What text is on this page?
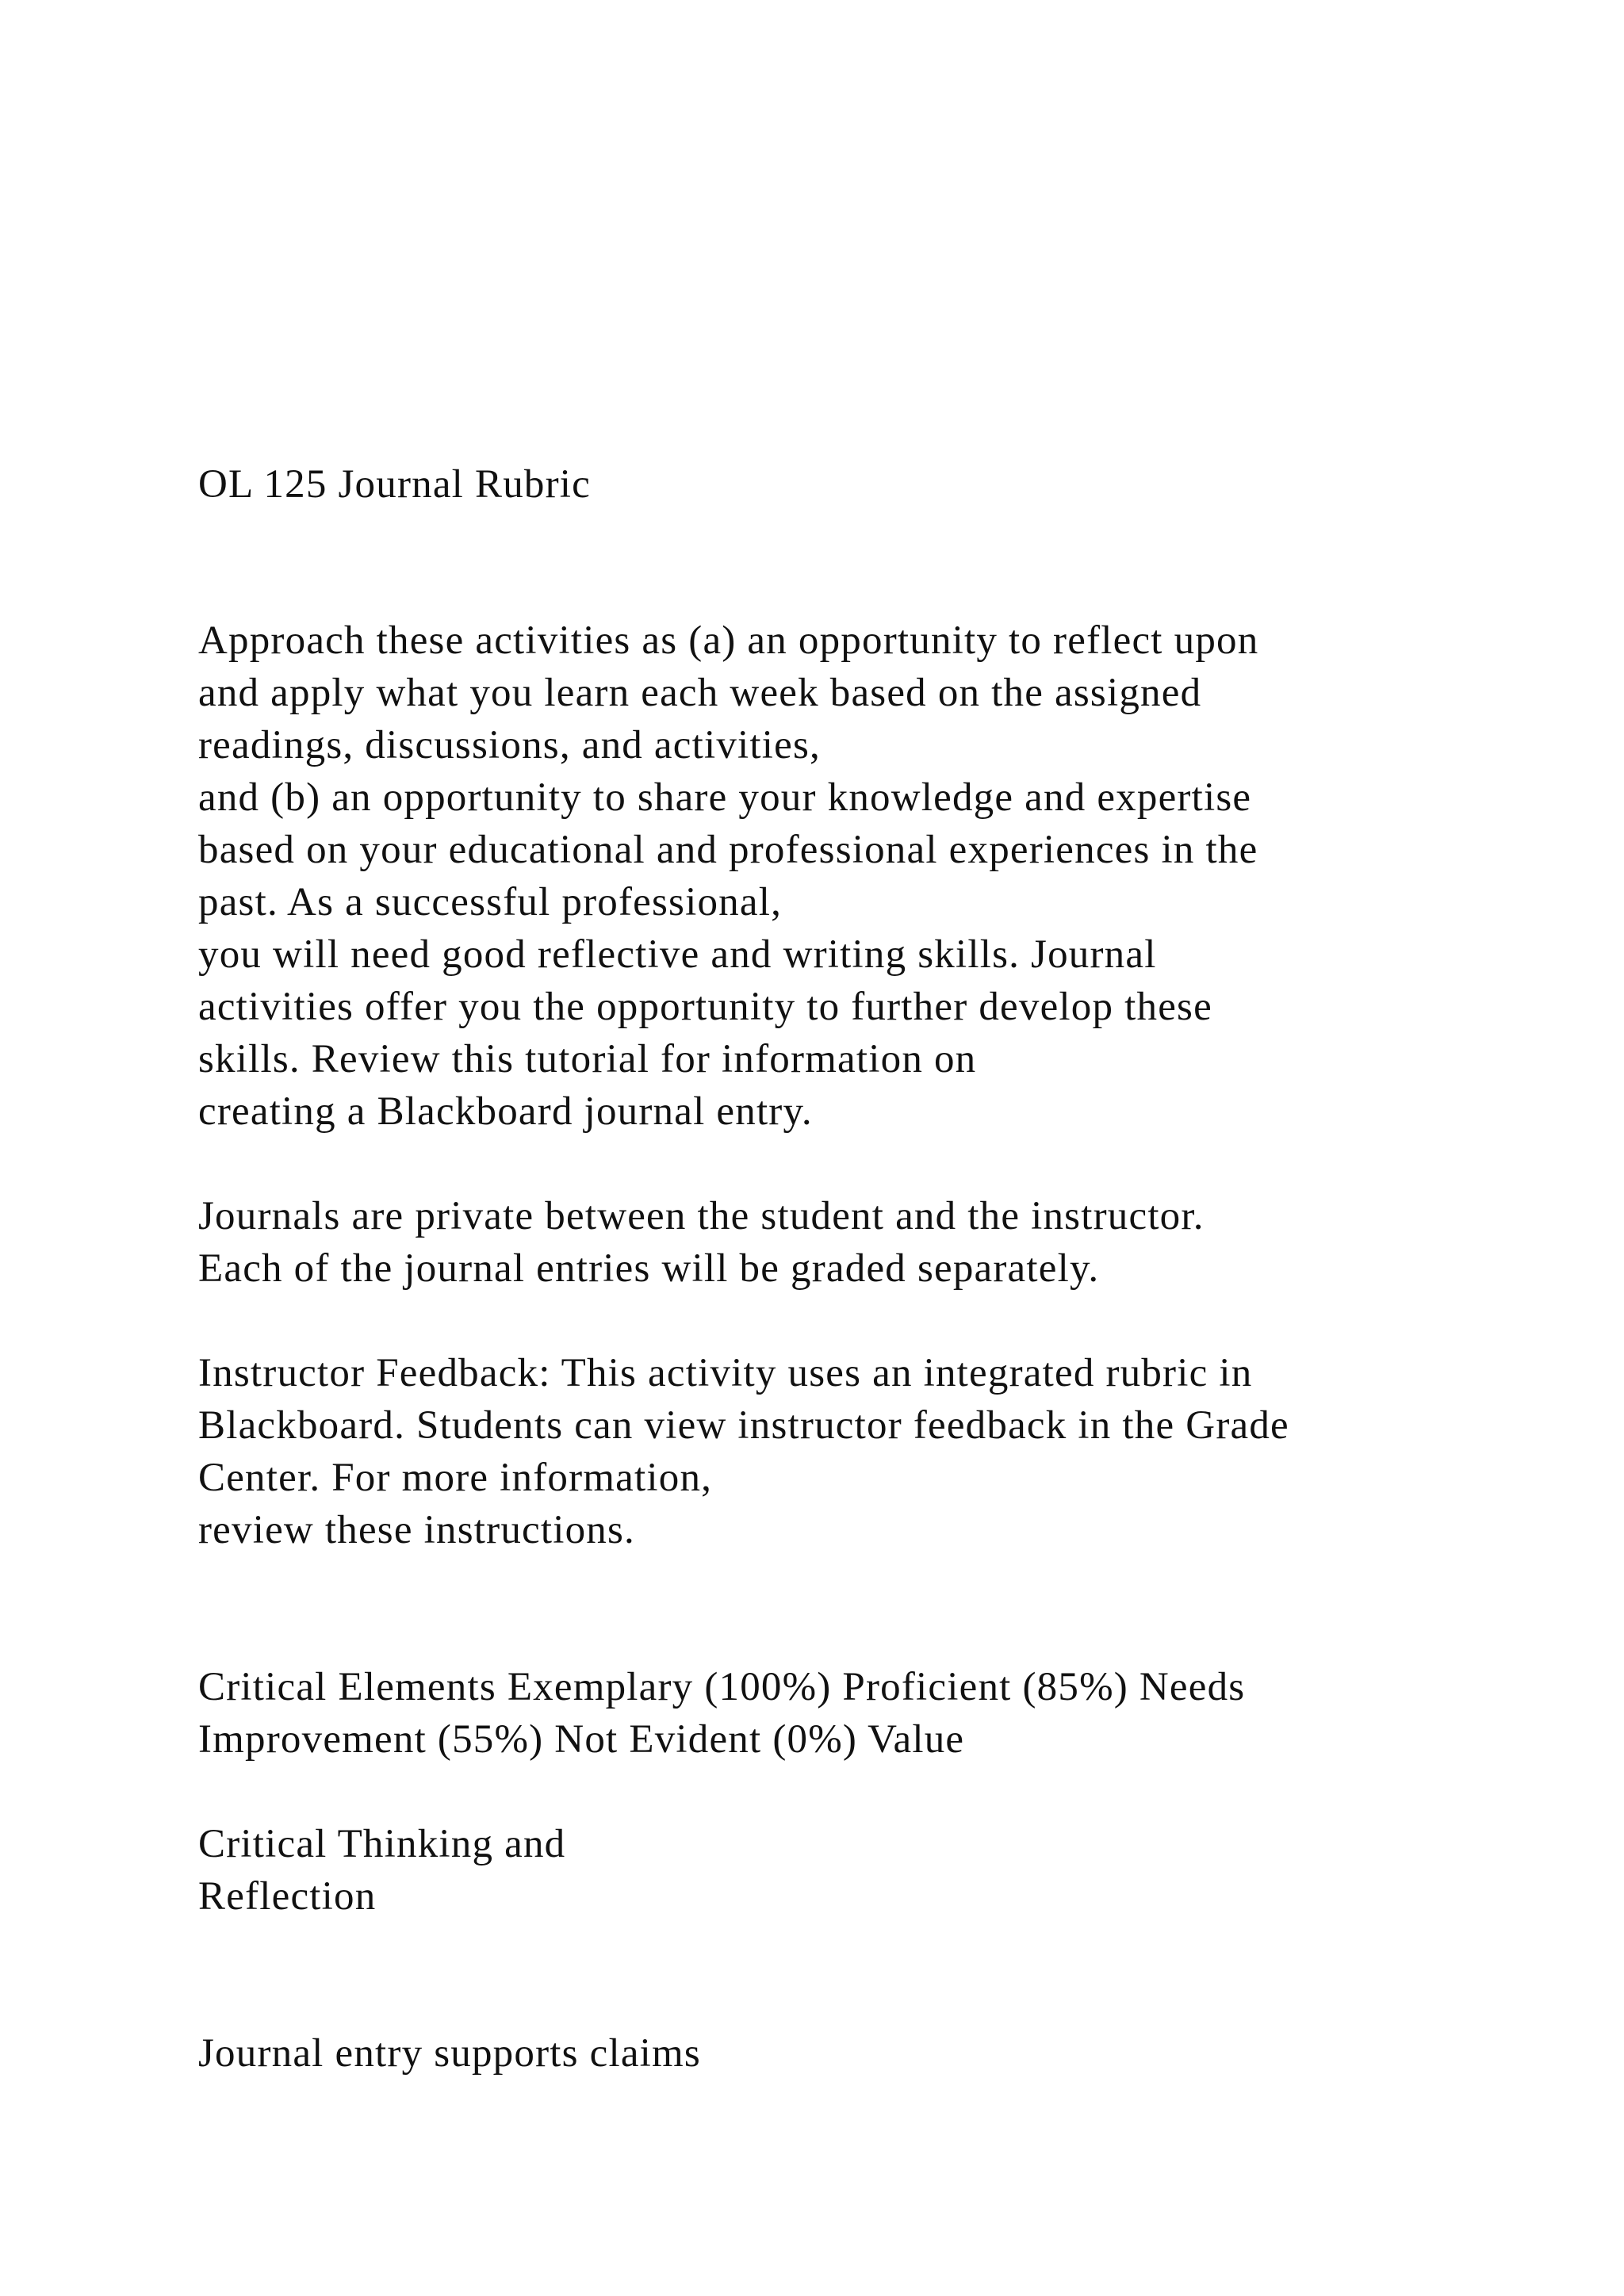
OL 125 Journal Rubric
Approach these activities as (a) an opportunity to reflect upon
and apply what you learn each week based on the assigned
readings, discussions, and activities,
and (b) an opportunity to share your knowledge and expertise
based on your educational and professional experiences in the
past. As a successful professional,
you will need good reflective and writing skills. Journal
activities offer you the opportunity to further develop these
skills. Review this tutorial for information on
creating a Blackboard journal entry.
Journals are private between the student and the instructor.
Each of the journal entries will be graded separately.
Instructor Feedback: This activity uses an integrated rubric in
Blackboard. Students can view instructor feedback in the Grade
Center. For more information,
review these instructions.
Critical Elements Exemplary (100%) Proficient (85%) Needs
Improvement (55%) Not Evident (0%) Value
Critical Thinking and
Reflection
Journal entry supports claims
